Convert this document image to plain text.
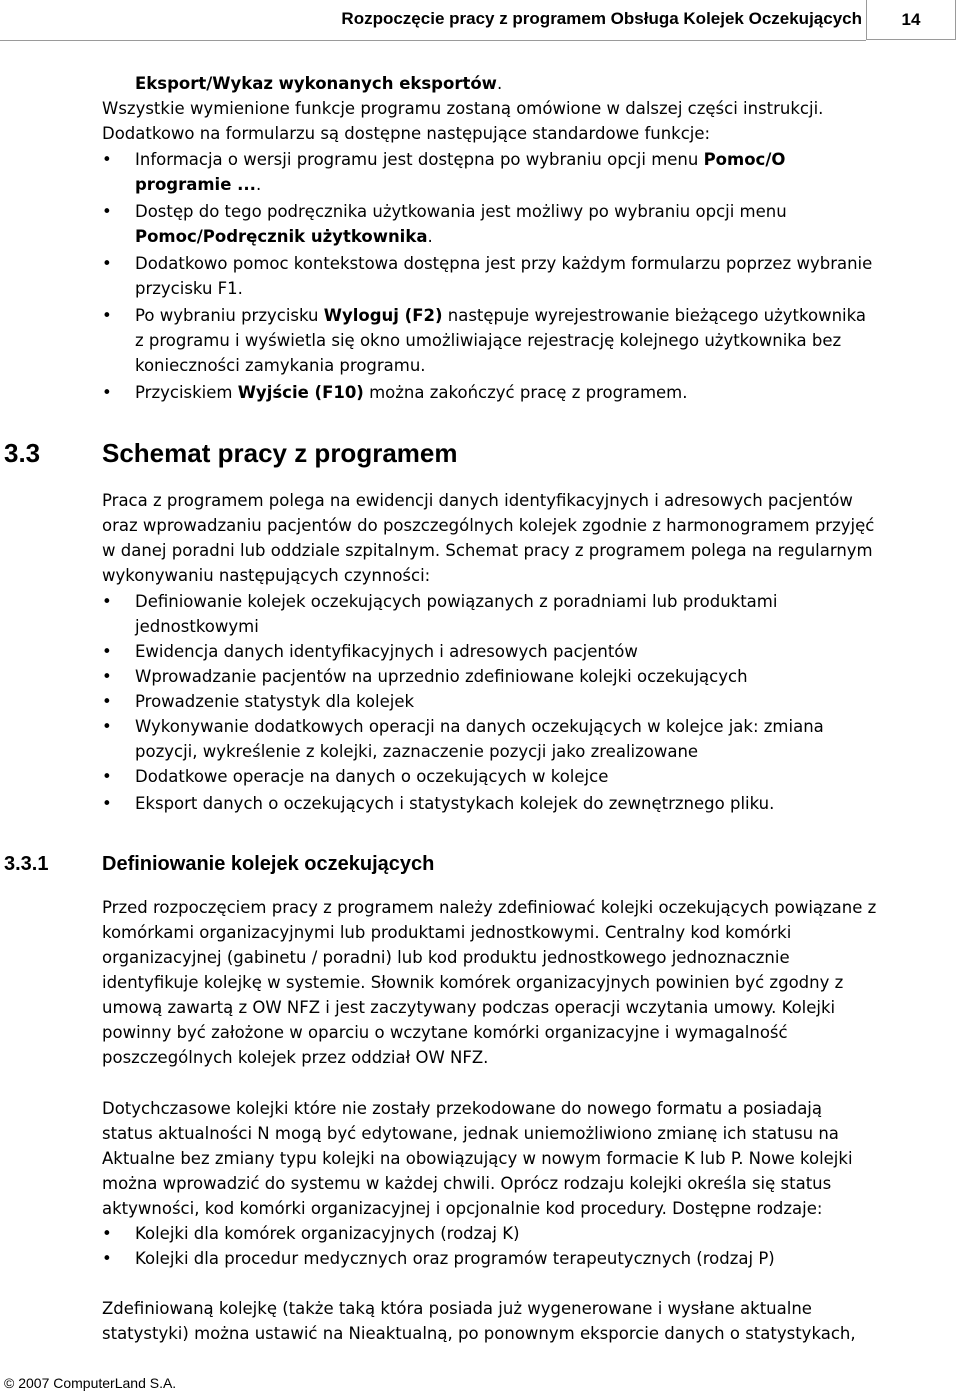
Rozpoczęcie pracy z programem Obsługa Kolejek Oczekujących	14
Eksport/Wykaz wykonanych eksportów.
Wszystkie wymienione funkcje programu zostaną omówione w dalszej części instrukcji.
Dodatkowo na formularzu są dostępne następujące standardowe funkcje:
• Informacja o wersji programu jest dostępna po wybraniu opcji menu Pomoc/O
programie ....
• Dostęp do tego podręcznika użytkowania jest możliwy po wybraniu opcji menu
Pomoc/Podręcznik użytkownika.
• Dodatkowo pomoc kontekstowa dostępna jest przy każdym formularzu poprzez wybranie
przycisku F1.
• Po wybraniu przycisku Wyloguj (F2) następuje wyrejestrowanie bieżącego użytkownika
z programu i wyświetla się okno umożliwiające rejestrację kolejnego użytkownika bez
konieczności zamykania programu.
• Przyciskiem Wyjście (F10) można zakończyć pracę z programem.
3.3 Schemat pracy z programem
Praca z programem polega na ewidencji danych identyfikacyjnych i adresowych pacjentów
oraz wprowadzaniu pacjentów do poszczególnych kolejek zgodnie z harmonogramem przyjęć
w danej poradni lub oddziale szpitalnym. Schemat pracy z programem polega na regularnym
wykonywaniu następujących czynności:
• Definiowanie kolejek oczekujących powiązanych z poradniami lub produktami
jednostkowymi
• Ewidencja danych identyfikacyjnych i adresowych pacjentów
• Wprowadzanie pacjentów na uprzednio zdefiniowane kolejki oczekujących
• Prowadzenie statystyk dla kolejek
• Wykonywanie dodatkowych operacji na danych oczekujących w kolejce jak: zmiana
pozycji, wykreślenie z kolejki, zaznaczenie pozycji jako zrealizowane
• Dodatkowe operacje na danych o oczekujących w kolejce
• Eksport danych o oczekujących i statystykach kolejek do zewnętrznego pliku.
3.3.1	Definiowanie kolejek oczekujących
Przed rozpoczęciem pracy z programem należy zdefiniować kolejki oczekujących powiązane z
komórkami organizacyjnymi lub produktami jednostkowymi. Centralny kod komórki
organizacyjnej (gabinetu / poradni) lub kod produktu jednostkowego jednoznacznie
identyfikuje kolejkę w systemie. Słownik komórek organizacyjnych powinien być zgodny z
umową zawartą z OW NFZ i jest zaczytywany podczas operacji wczytania umowy. Kolejki
powinny być założone w oparciu o wczytane komórki organizacyjne i wymagalność
poszczególnych kolejek przez oddział OW NFZ.
Dotychczasowe kolejki które nie zostały przekodowane do nowego formatu a posiadają
status aktualności N mogą być edytowane, jednak uniemożliwiono zmianę ich statusu na
Aktualne bez zmiany typu kolejki na obowiązujący w nowym formacie K lub P. Nowe kolejki
można wprowadzić do systemu w każdej chwili. Oprócz rodzaju kolejki określa się status
aktywności, kod komórki organizacyjnej i opcjonalnie kod procedury. Dostępne rodzaje:
• Kolejki dla komórek organizacyjnych (rodzaj K)
• Kolejki dla procedur medycznych oraz programów terapeutycznych (rodzaj P)
Zdefiniowaną kolejkę (także taką która posiada już wygenerowane i wysłane aktualne
statystyki) można ustawić na Nieaktualną, po ponownym eksporcie danych o statystykach,
© 2007 ComputerLand S.A.
